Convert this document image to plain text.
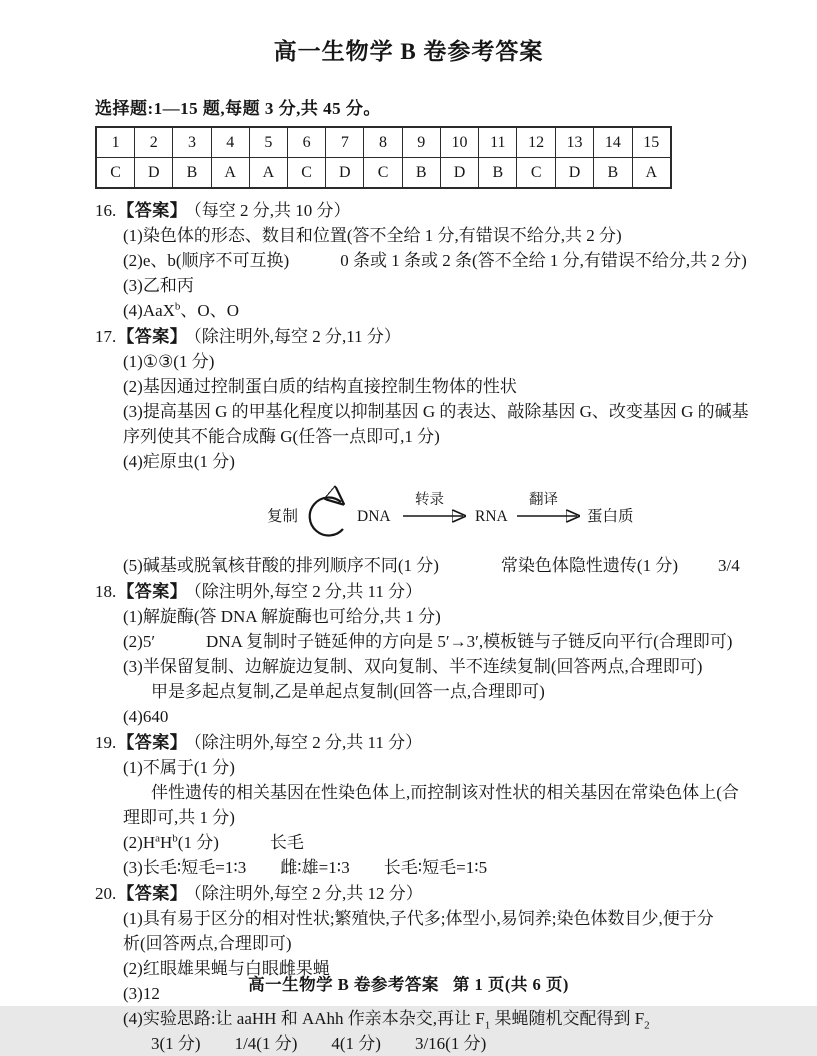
高一生物学 B 卷参考答案
选择题:1—15 题,每题 3 分,共 45 分。
1	2	3	4	5	6	7	8	9	10	11	12	13	14	15
C	D	B	A	A	C	D	C	B	D	B	C	D	B	A
16.【答案】 （每空 2 分,共 10 分）
(1)染色体的形态、数目和位置(答不全给 1 分,有错误不给分,共 2 分)
(2)e、b(顺序不可互换)　　　0 条或 1 条或 2 条(答不全给 1 分,有错误不给分,共 2 分)
(3)乙和丙
(4)AaX$^b$、O、O
17.【答案】 （除注明外,每空 2 分,11 分）
(1)①③(1 分)
(2)基因通过控制蛋白质的结构直接控制生物体的性状
(3)提高基因 G 的甲基化程度以抑制基因 G 的表达、敲除基因 G、改变基因 G 的碱基
序列使其不能合成酶 G(任答一点即可,1 分)
(4)疟原虫(1 分)
复制	DNA
转录
RNA
翻译
蛋白质
(5)碱基或脱氧核苷酸的排列顺序不同(1 分)	常染色体隐性遗传(1 分) 3/4
18.【答案】 （除注明外,每空 2 分,共 11 分）
(1)解旋酶(答 DNA 解旋酶也可给分,共 1 分)
(2)5′　　　DNA 复制时子链延伸的方向是 5′→3′,模板链与子链反向平行(合理即可)
(3)半保留复制、边解旋边复制、双向复制、半不连续复制(回答两点,合理即可)
甲是多起点复制,乙是单起点复制(回答一点,合理即可)
(4)640
19.【答案】 （除注明外,每空 2 分,共 11 分）
(1)不属于(1 分)
伴性遗传的相关基因在性染色体上,而控制该对性状的相关基因在常染色体上(合
理即可,共 1 分)
$(2)H^aH^b(1$ 分)　　　长毛
(3)长毛∶短毛=1∶3　　雌∶雄=1∶3　　长毛∶短毛=1∶5
20.【答案】 （除注明外,每空 2 分,共 12 分）
(1)具有易于区分的相对性状;繁殖快,子代多;体型小,易饲养;染色体数目少,便于分
析(回答两点,合理即可)
(2)红眼雄果蝇与白眼雌果蝇
(3)12
(4)实验思路:让 aaHH 和 AAhh 作亲本杂交,再让 $F_1$ 果蝇随机交配得到 $F_2$
3(1 分)　　1/4(1 分)　　4(1 分)　　3/16(1 分)
高一生物学 B 卷参考答案 第 1 页(共 6 页)
